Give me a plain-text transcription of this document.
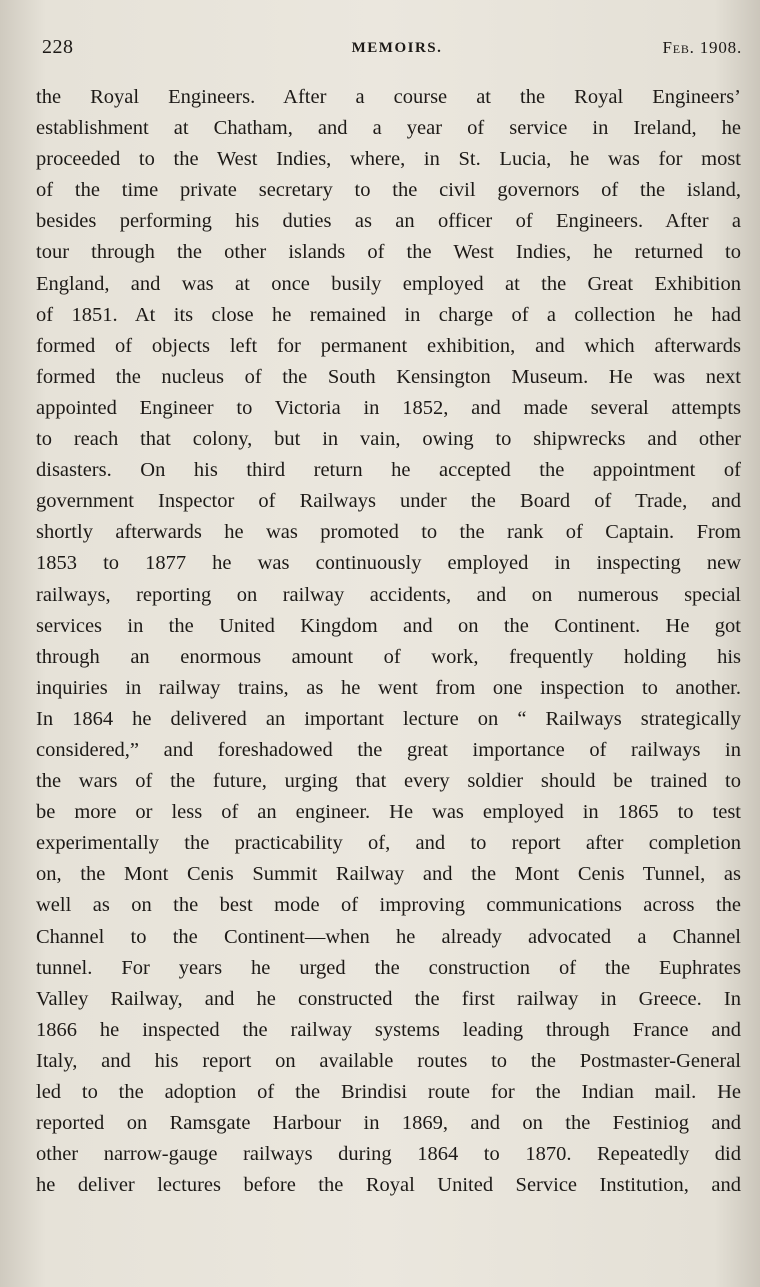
228	MEMOIRS.	Feb. 1908.
the Royal Engineers. After a course at the Royal Engineers’
establishment at Chatham, and a year of service in Ireland, he
proceeded to the West Indies, where, in St. Lucia, he was for most
of the time private secretary to the civil governors of the island,
besides performing his duties as an officer of Engineers. After a
tour through the other islands of the West Indies, he returned to
England, and was at once busily employed at the Great Exhibition
of 1851. At its close he remained in charge of a collection he had
formed of objects left for permanent exhibition, and which afterwards
formed the nucleus of the South Kensington Museum. He was next
appointed Engineer to Victoria in 1852, and made several attempts
to reach that colony, but in vain, owing to shipwrecks and other
disasters. On his third return he accepted the appointment of
government Inspector of Railways under the Board of Trade, and
shortly afterwards he was promoted to the rank of Captain. From
1853 to 1877 he was continuously employed in inspecting new
railways, reporting on railway accidents, and on numerous special
services in the United Kingdom and on the Continent. He got
through an enormous amount of work, frequently holding his
inquiries in railway trains, as he went from one inspection to another.
In 1864 he delivered an important lecture on “ Railways strategically
considered,” and foreshadowed the great importance of railways in
the wars of the future, urging that every soldier should be trained to
be more or less of an engineer. He was employed in 1865 to test
experimentally the practicability of, and to report after completion
on, the Mont Cenis Summit Railway and the Mont Cenis Tunnel, as
well as on the best mode of improving communications across the
Channel to the Continent—when he already advocated a Channel
tunnel. For years he urged the construction of the Euphrates
Valley Railway, and he constructed the first railway in Greece. In
1866 he inspected the railway systems leading through France and
Italy, and his report on available routes to the Postmaster-General
led to the adoption of the Brindisi route for the Indian mail. He
reported on Ramsgate Harbour in 1869, and on the Festiniog and
other narrow-gauge railways during 1864 to 1870. Repeatedly did
he deliver lectures before the Royal United Service Institution, and
